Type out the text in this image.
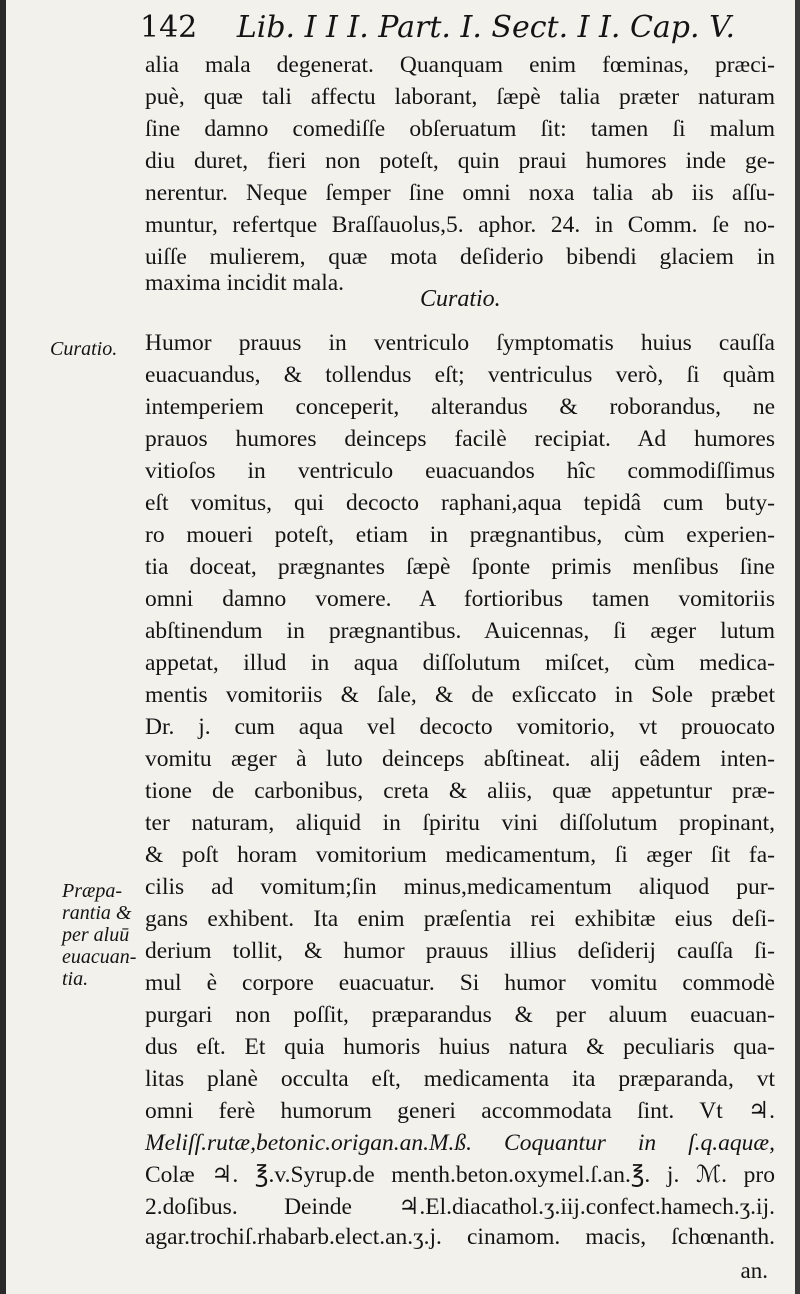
142 Lib. I I I. Part. I. Sect. I I. Cap. V.
alia mala degenerat. Quanquam enim fœminas, præci-
puè, quæ tali affectu laborant, ſæpè talia præter naturam
ſine damno comediſſe obſeruatum ſit: tamen ſi malum
diu duret, fieri non poteſt, quin praui humores inde ge-
nerentur. Neque ſemper ſine omni noxa talia ab iis aſſu-
muntur, refertque Braſſauolus,5. aphor. 24. in Comm. ſe no-
uiſſe mulierem, quæ mota deſiderio bibendi glaciem in
maxima incidit mala.
Curatio.
Curatio. Humor prauus in ventriculo ſymptomatis huius cauſſa
euacuandus, & tollendus eſt; ventriculus verò, ſi quàm
intemperiem conceperit, alterandus & roborandus, ne
prauos humores deinceps facilè recipiat. Ad humores
vitioſos in ventriculo euacuandos hîc commodiſſimus
eſt vomitus, qui decocto raphani,aqua tepidâ cum buty-
ro moueri poteſt, etiam in prægnantibus, cùm experien-
tia doceat, prægnantes ſæpè ſponte primis menſibus ſine
omni damno vomere. A fortioribus tamen vomitoriis
abſtinendum in prægnantibus. Auicennas, ſi æger lutum
appetat, illud in aqua diſſolutum miſcet, cùm medica-
mentis vomitoriis & ſale, & de exſiccato in Sole præbet
Dr. j. cum aqua vel decocto vomitorio, vt prouocato
vomitu æger à luto deinceps abſtineat. alij eâdem inten-
tione de carbonibus, creta & aliis, quæ appetuntur præ-
ter naturam, aliquid in ſpiritu vini diſſolutum propinant,
& poſt horam vomitorium medicamentum, ſi æger ſit fa-
cilis ad vomitum;ſin minus,medicamentum aliquod pur-
gans exhibent. Ita enim præſentia rei exhibitæ eius deſi-
derium tollit, & humor prauus illius deſiderij cauſſa ſi-
mul è corpore euacuatur. Si humor vomitu commodè
purgari non poſſit, præparandus & per aluum euacuan-
dus eſt. Et quia humoris huius natura & peculiaris qua-
litas planè occulta eſt, medicamenta ita præparanda, vt
omni ferè humorum generi accommodata ſint. Vt ♃.
Meliſſ.rutæ,betonic.origan.an.M.ß. Coquantur in ſ.q.aquæ,
Colæ ♃. ℥.v.Syrup.de menth.beton.oxymel.ſ.an.℥. j. ℳ. pro
2.doſibus. Deinde ♃.El.diacathol.ʒ.iij.confect.hamech.ʒ.ij.
agar.trochiſ.rhabarb.elect.an.ʒ.j. cinamom. macis, ſchœnanth.
Præpa-
rantia &
per aluū
euacuan-
tia.
an.
